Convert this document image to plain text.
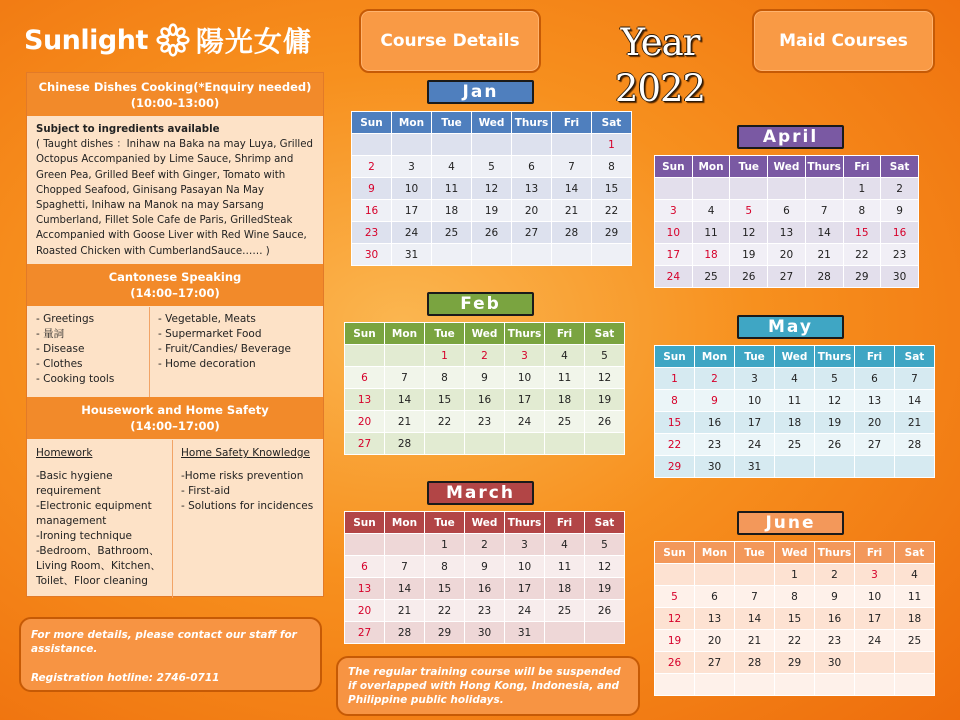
Sunlight 陽光女傭	Course Details	Year 2022
Maid Courses
Chinese Dishes Cooking(*Enquiry needed)
(10:00-13:00)
Subject to ingredients available
( Taught dishes ：Inihaw na Baka na may Luya, Grilled Octopus Accompanied by Lime Sauce, Shrimp and Green Pea, Grilled Beef with Ginger, Tomato with Chopped Seafood, Ginisang Pasayan Na May Spaghetti, Inihaw na Manok na may Sarsang Cumberland, Fillet Sole Cafe de Paris, GrilledSteak Accompanied with Goose Liver with Red Wine Sauce, Roasted Chicken with CumberlandSauce…… )
Cantonese Speaking
(14:00–17:00)
- Greetings
- 量詞
- Disease
- Clothes
- Cooking tools
- Vegetable, Meats
- Supermarket Food
- Fruit/Candies/ Beverage
- Home decoration
Housework and Home Safety
(14:00–17:00)
Homework
-Basic hygiene requirement
-Electronic equipment management
-Ironing technique
-Bedroom、Bathroom、Living Room、Kitchen、Toilet、Floor cleaning
Home Safety Knowledge
-Home risks prevention
- First-aid
- Solutions for incidences
For more details, please contact our staff for assistance.
Registration hotline: 2746-0711	The regular training course will be suspended if overlapped with Hong Kong, Indonesia, and Philippine public holidays.
Jan
Sun	Mon	Tue	Wed	Thurs	Fri	Sat
						1
2	3	4	5	6	7	8
9	10	11	12	13	14	15
16	17	18	19	20	21	22
23	24	25	26	27	28	29
30	31					
Feb
Sun	Mon	Tue	Wed	Thurs	Fri	Sat
		1	2	3	4	5
6	7	8	9	10	11	12
13	14	15	16	17	18	19
20	21	22	23	24	25	26
27	28					
March
Sun	Mon	Tue	Wed	Thurs	Fri	Sat
		1	2	3	4	5
6	7	8	9	10	11	12
13	14	15	16	17	18	19
20	21	22	23	24	25	26
27	28	29	30	31		
April
Sun	Mon	Tue	Wed	Thurs	Fri	Sat
					1	2
3	4	5	6	7	8	9
10	11	12	13	14	15	16
17	18	19	20	21	22	23
24	25	26	27	28	29	30
May
Sun	Mon	Tue	Wed	Thurs	Fri	Sat
1	2	3	4	5	6	7
8	9	10	11	12	13	14
15	16	17	18	19	20	21
22	23	24	25	26	27	28
29	30	31				
June
Sun	Mon	Tue	Wed	Thurs	Fri	Sat
			1	2	3	4
5	6	7	8	9	10	11
12	13	14	15	16	17	18
19	20	21	22	23	24	25
26	27	28	29	30		
